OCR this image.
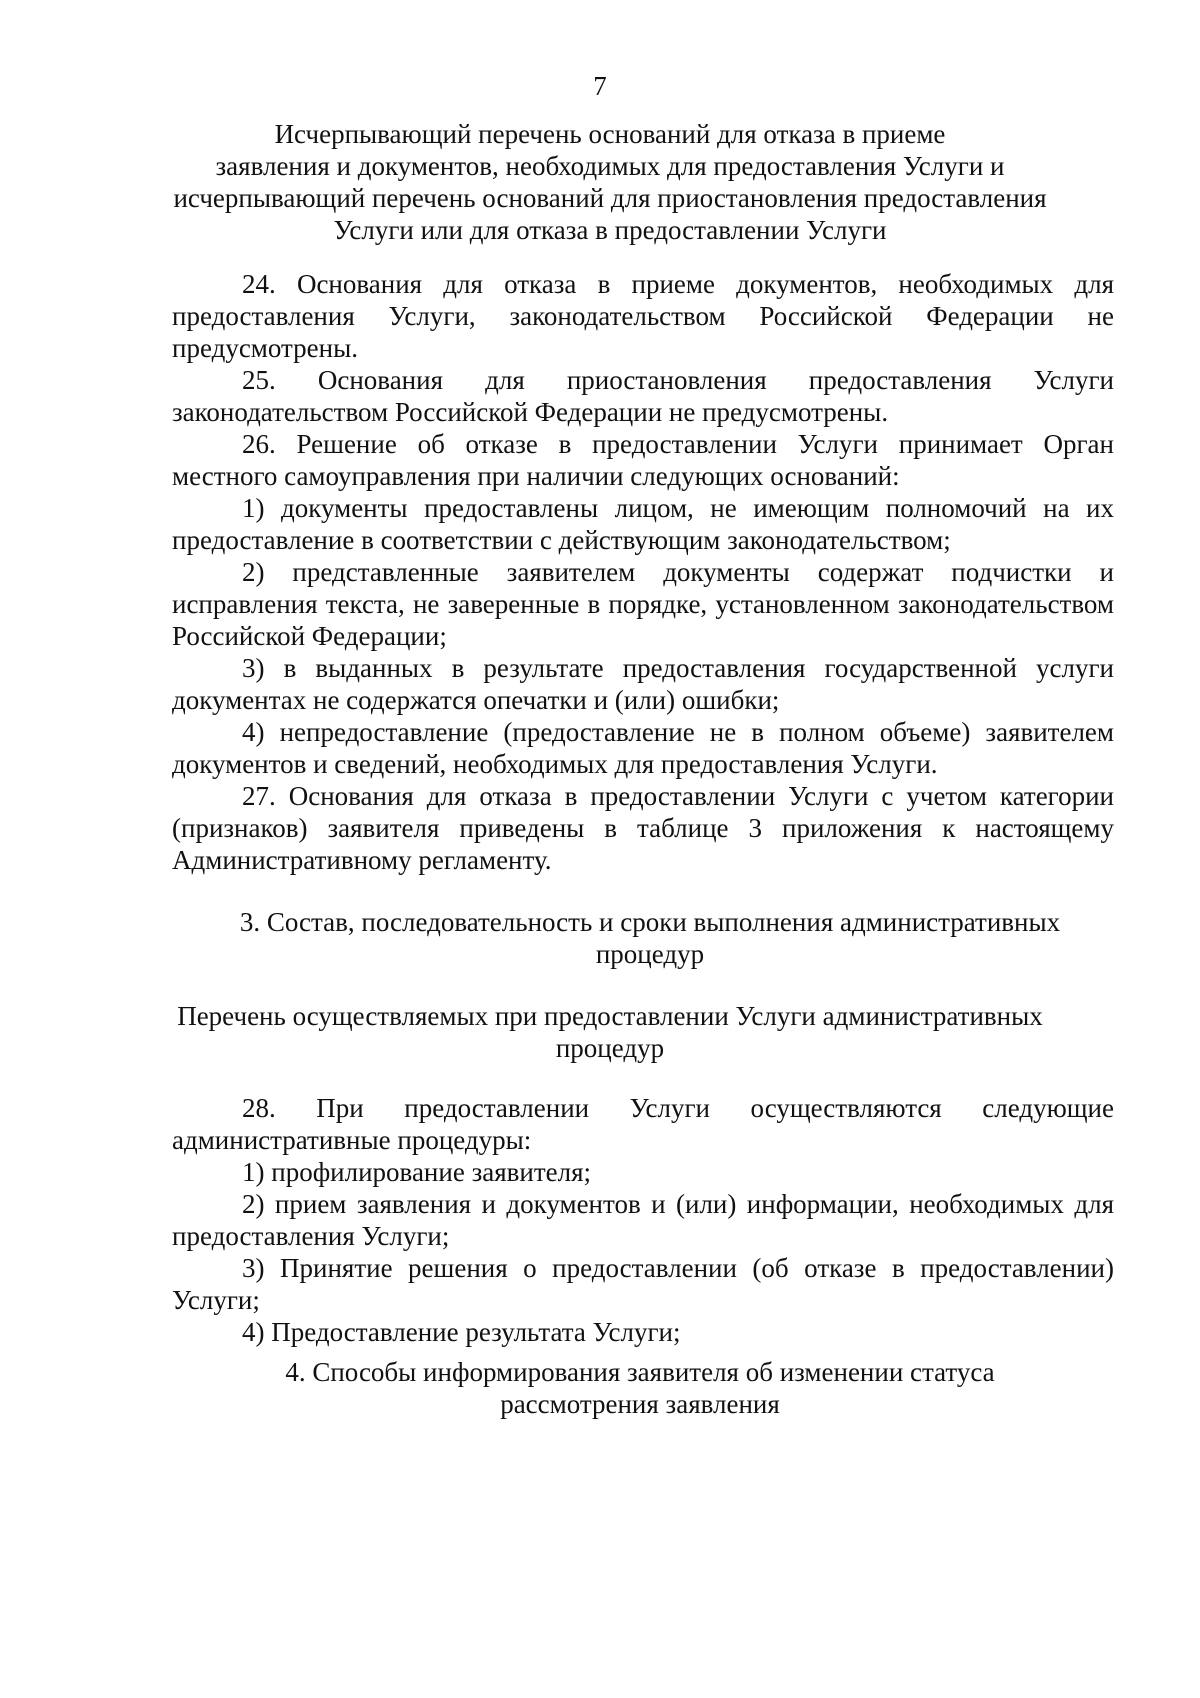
7
Исчерпывающий перечень оснований для отказа в приеме
заявления и документов, необходимых для предоставления Услуги и
исчерпывающий перечень оснований для приостановления предоставления
Услуги или для отказа в предоставлении Услуги

24. Основания для отказа в приеме документов, необходимых для предоставления Услуги, законодательством Российской Федерации не предусмотрены.

25. Основания для приостановления предоставления Услуги законодательством Российской Федерации не предусмотрены.

26. Решение об отказе в предоставлении Услуги принимает Орган местного самоуправления при наличии следующих оснований:

1) документы предоставлены лицом, не имеющим полномочий на их предоставление в соответствии с действующим законодательством;

2) представленные заявителем документы содержат подчистки и исправления текста, не заверенные в порядке, установленном законодательством Российской Федерации;

3) в выданных в результате предоставления государственной услуги документах не содержатся опечатки и (или) ошибки;

4) непредоставление (предоставление не в полном объеме) заявителем документов и сведений, необходимых для предоставления Услуги.

27. Основания для отказа в предоставлении Услуги с учетом категории (признаков) заявителя приведены в таблице 3 приложения к настоящему Административному регламенту.

3. Состав, последовательность и сроки выполнения административных
процедур
Перечень осуществляемых при предоставлении Услуги административных
процедур

28. При предоставлении Услуги осуществляются следующие административные процедуры:

1) профилирование заявителя;

2) прием заявления и документов и (или) информации, необходимых для предоставления Услуги;

3) Принятие решения о предоставлении (об отказе в предоставлении) Услуги;

4) Предоставление результата Услуги;

4. Способы информирования заявителя об изменении статуса
рассмотрения заявления
